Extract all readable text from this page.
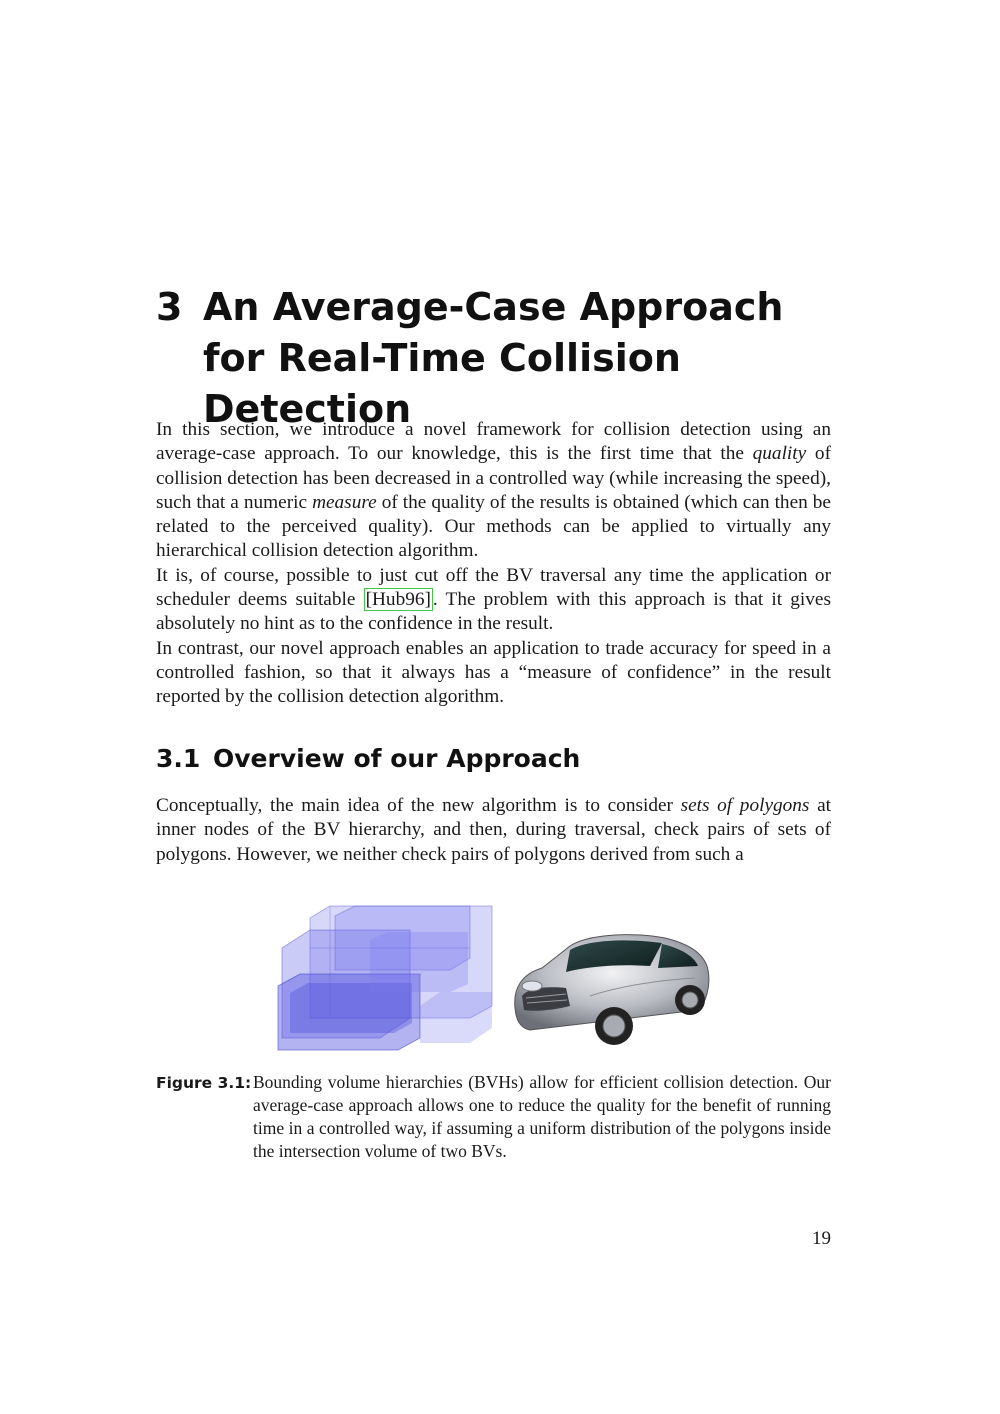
3 An Average-Case Approach for Real-Time Collision Detection

In this section, we introduce a novel framework for collision detection using an average-case approach. To our knowledge, this is the first time that the quality of collision detection has been decreased in a controlled way (while increasing the speed), such that a numeric measure of the quality of the results is obtained (which can then be related to the perceived quality). Our methods can be applied to virtually any hierarchical collision detection algorithm.

It is, of course, possible to just cut off the BV traversal any time the application or scheduler deems suitable [Hub96] . The problem with this approach is that it gives absolutely no hint as to the confidence in the result.

In contrast, our novel approach enables an application to trade accuracy for speed in a controlled fashion, so that it always has a “measure of confidence” in the result reported by the collision detection algorithm.

3.1 Overview of our Approach

Conceptually, the main idea of the new algorithm is to consider sets of polygons at inner nodes of the BV hierarchy, and then, during traversal, check pairs of sets of polygons. However, we neither check pairs of polygons derived from such a

Figure 3.1: Bounding volume hierarchies (BVHs) allow for efficient collision detection. Our average-case approach allows one to reduce the quality for the benefit of running time in a controlled way, if assuming a uniform distribution of the polygons inside the intersection volume of two BVs.
19
